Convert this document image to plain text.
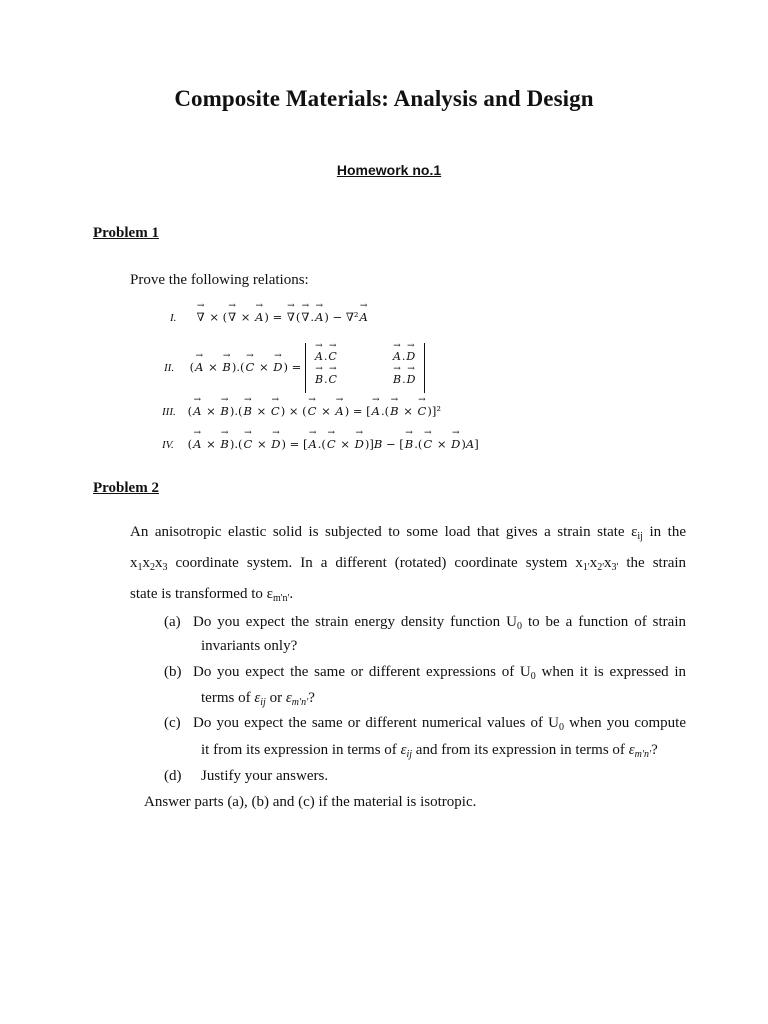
Composite Materials: Analysis and Design
Homework no.1
Problem 1
Prove the following relations:
I. → ∇ × (→ ∇ × → A) = → ∇(→ ∇.→ A) − ∇²→ A
II. (→ A × → B).(→ C × → D) =
→ A.→ C	→ A.→ D
→ B.→ C	→ B.→ D
III. (→ A × → B).(→ B × → C) × (→ C × → A) = [→ A.(→ B × → C)]²
IV. (→ A × → B).(→ C × → D) = [→ A.(→ C × → D)]B − [→ B.(→ C × → D)A]
Problem 2
An anisotropic elastic solid is subjected to some load that gives a strain state $\varepsilon_{ij}$ in the
$x_1x_2x_3$ coordinate system. In a different (rotated) coordinate system $x_{1'}x_{2'}x_{3'}$ the strain
state is transformed to $\varepsilon_{m'n'}$.
(a) Do you expect the strain energy density function $U_0$ to be a function of strain
invariants only?
(b) Do you expect the same or different expressions of $U_0$ when it is expressed in
terms of $\varepsilon_{ij}$ or $\varepsilon_{m'n'}$?
(c) Do you expect the same or different numerical values of $U_0$ when you compute
it from its expression in terms of $\varepsilon_{ij}$ and from its expression in terms of $\varepsilon_{m'n'}$?
(d) Justify your answers.
Answer parts (a), (b) and (c) if the material is isotropic.
